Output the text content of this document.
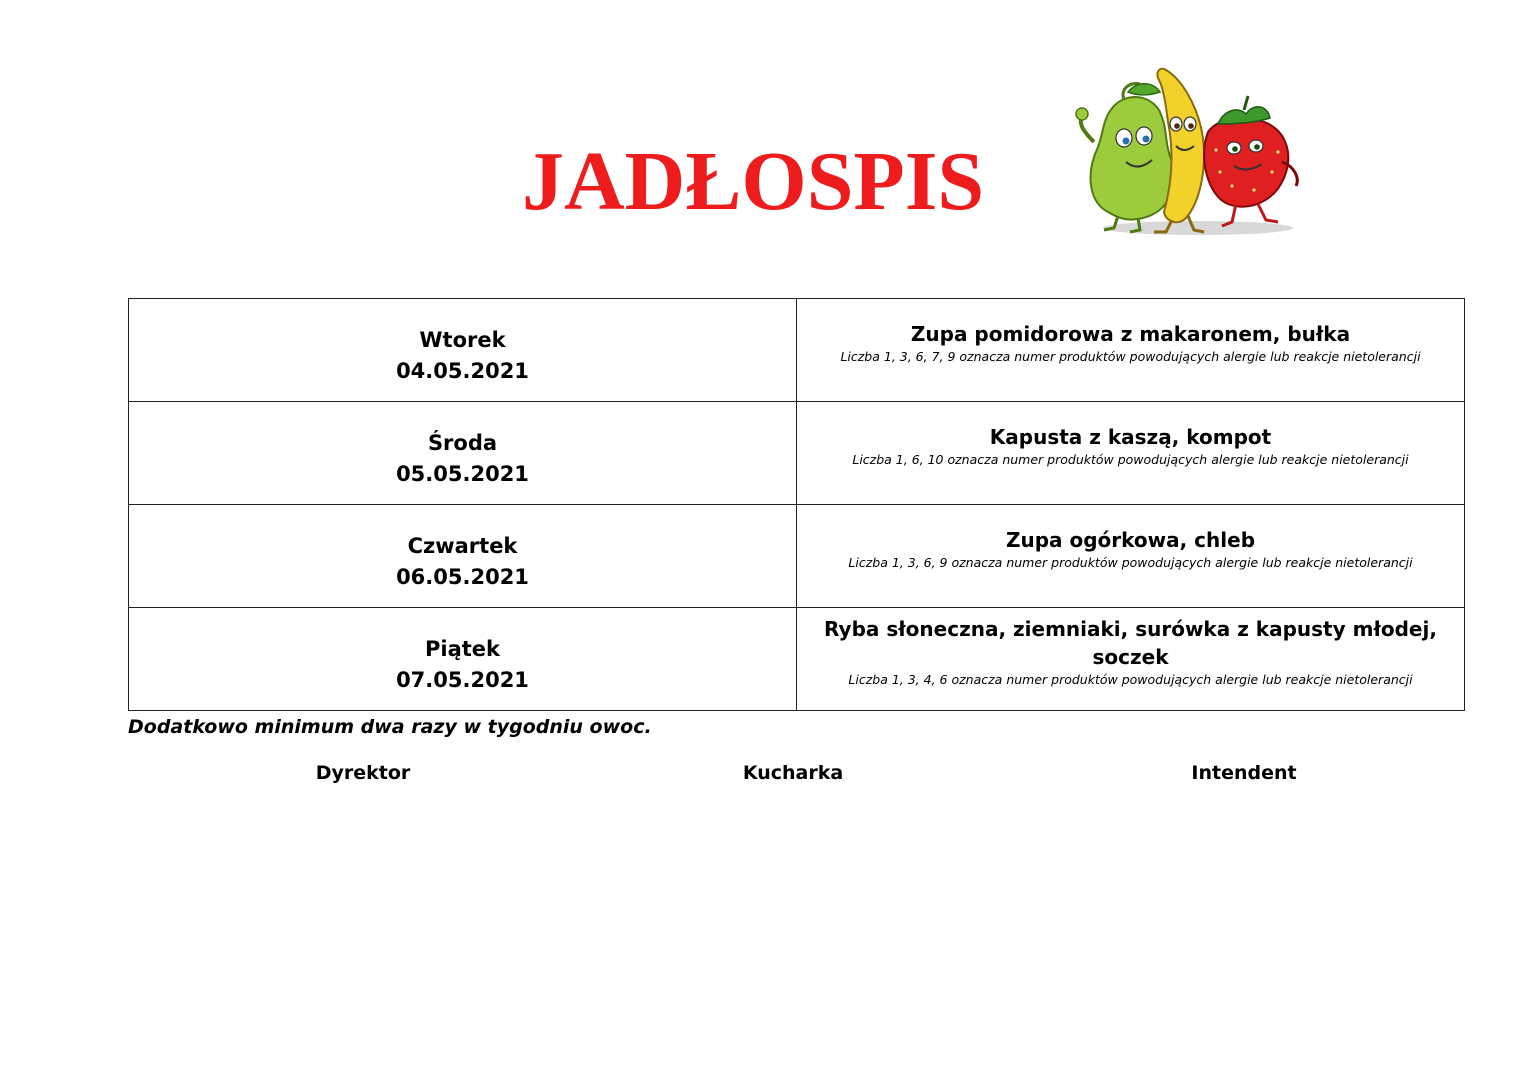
JADŁOSPIS
Wtorek
04.05.2021	Zupa pomidorowa z makaronem, bułka
Liczba 1, 3, 6, 7, 9 oznacza numer produktów powodujących alergie lub reakcje nietolerancji

Środa
05.05.2021	Kapusta z kaszą, kompot
Liczba 1, 6, 10 oznacza numer produktów powodujących alergie lub reakcje nietolerancji

Czwartek
06.05.2021	Zupa ogórkowa, chleb
Liczba 1, 3, 6, 9 oznacza numer produktów powodujących alergie lub reakcje nietolerancji

Piątek
07.05.2021	Ryba słoneczna, ziemniaki, surówka z kapusty młodej, soczek
Liczba 1, 3, 4, 6 oznacza numer produktów powodujących alergie lub reakcje nietolerancji
Dodatkowo minimum dwa razy w tygodniu owoc.
Dyrektor	Kucharka	Intendent
